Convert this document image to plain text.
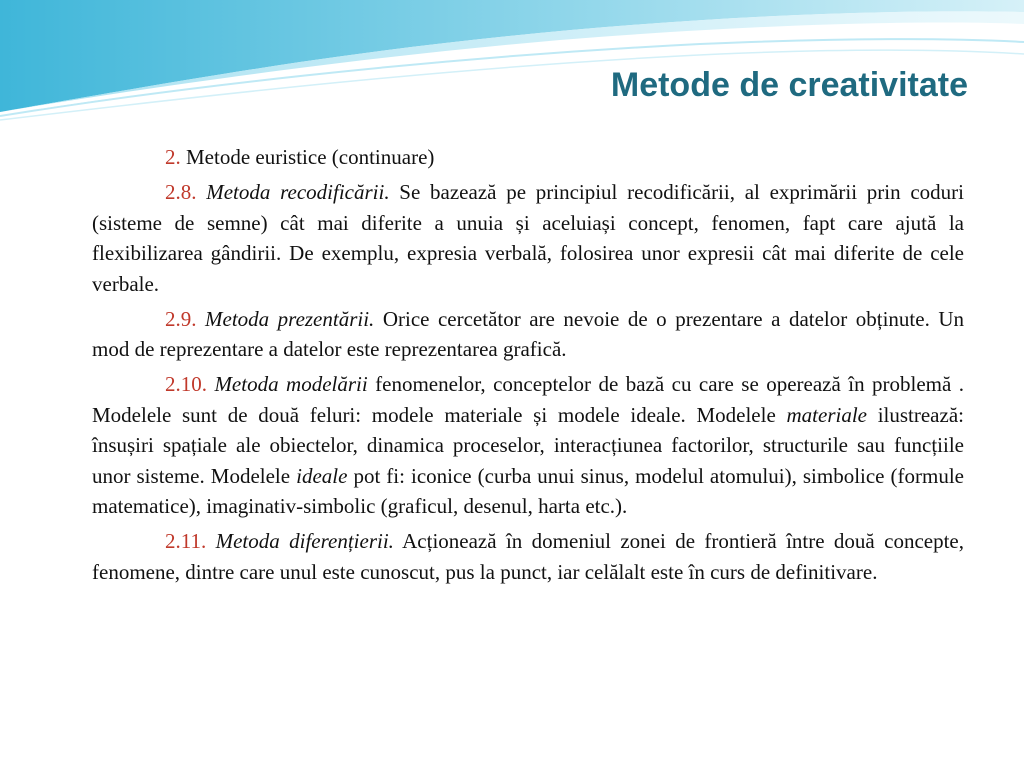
Metode de creativitate

2. Metode euristice (continuare)

2.8. Metoda recodificării. Se bazează pe principiul recodificării, al exprimării prin coduri (sisteme de semne) cât mai diferite a unuia și aceluiași concept, fenomen, fapt care ajută la flexibilizarea gândirii. De exemplu, expresia verbală, folosirea unor expresii cât mai diferite de cele verbale.

2.9. Metoda prezentării. Orice cercetător are nevoie de o prezentare a datelor obținute. Un mod de reprezentare a datelor este reprezentarea grafică.

2.10. Metoda modelării fenomenelor, conceptelor de bază cu care se operează în problemă . Modelele sunt de două feluri: modele materiale și modele ideale. Modelele materiale ilustrează: însușiri spațiale ale obiectelor, dinamica proceselor, interacțiunea factorilor, structurile sau funcțiile unor sisteme. Modelele ideale pot fi: iconice (curba unui sinus, modelul atomului), simbolice (formule matematice), imaginativ-simbolic (graficul, desenul, harta etc.).

2.11. Metoda diferențierii. Acționează în domeniul zonei de frontieră între două concepte, fenomene, dintre care unul este cunoscut, pus la punct, iar celălalt este în curs de definitivare.
